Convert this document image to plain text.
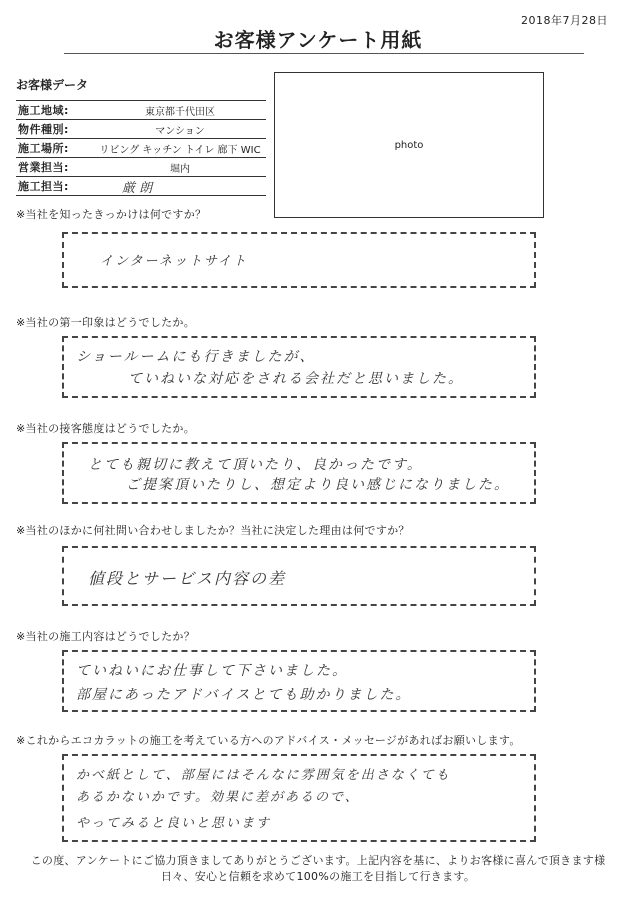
2018年7月28日
お客様アンケート用紙
お客様データ
施工地域:	東京都千代田区
物件種別:	マンション
施工場所:	リビング キッチン トイレ 廊下 WIC
営業担当:	堀内
施工担当:	厳 朗
photo
※当社を知ったきっかけは何ですか？
インターネットサイト
※当社の第一印象はどうでしたか。
ショールームにも行きましたが、
ていねいな対応をされる会社だと思いました。
※当社の接客態度はどうでしたか。
とても親切に教えて頂いたり、良かったです。
ご提案頂いたりし、想定より良い感じになりました。
※当社のほかに何社問い合わせしましたか？当社に決定した理由は何ですか？
値段とサービス内容の差
※当社の施工内容はどうでしたか？
ていねいにお仕事して下さいました。
部屋にあったアドバイスとても助かりました。
※これからエコカラットの施工を考えている方へのアドバイス・メッセージがあればお願いします。
かべ紙として、部屋にはそんなに雰囲気を出さなくても
あるかないかです。効果に差があるので、
やってみると良いと思います
この度、アンケートにご協力頂きましてありがとうございます。上記内容を基に、よりお客様に喜んで頂きます様
日々、安心と信頼を求めて100%の施工を目指して行きます。
